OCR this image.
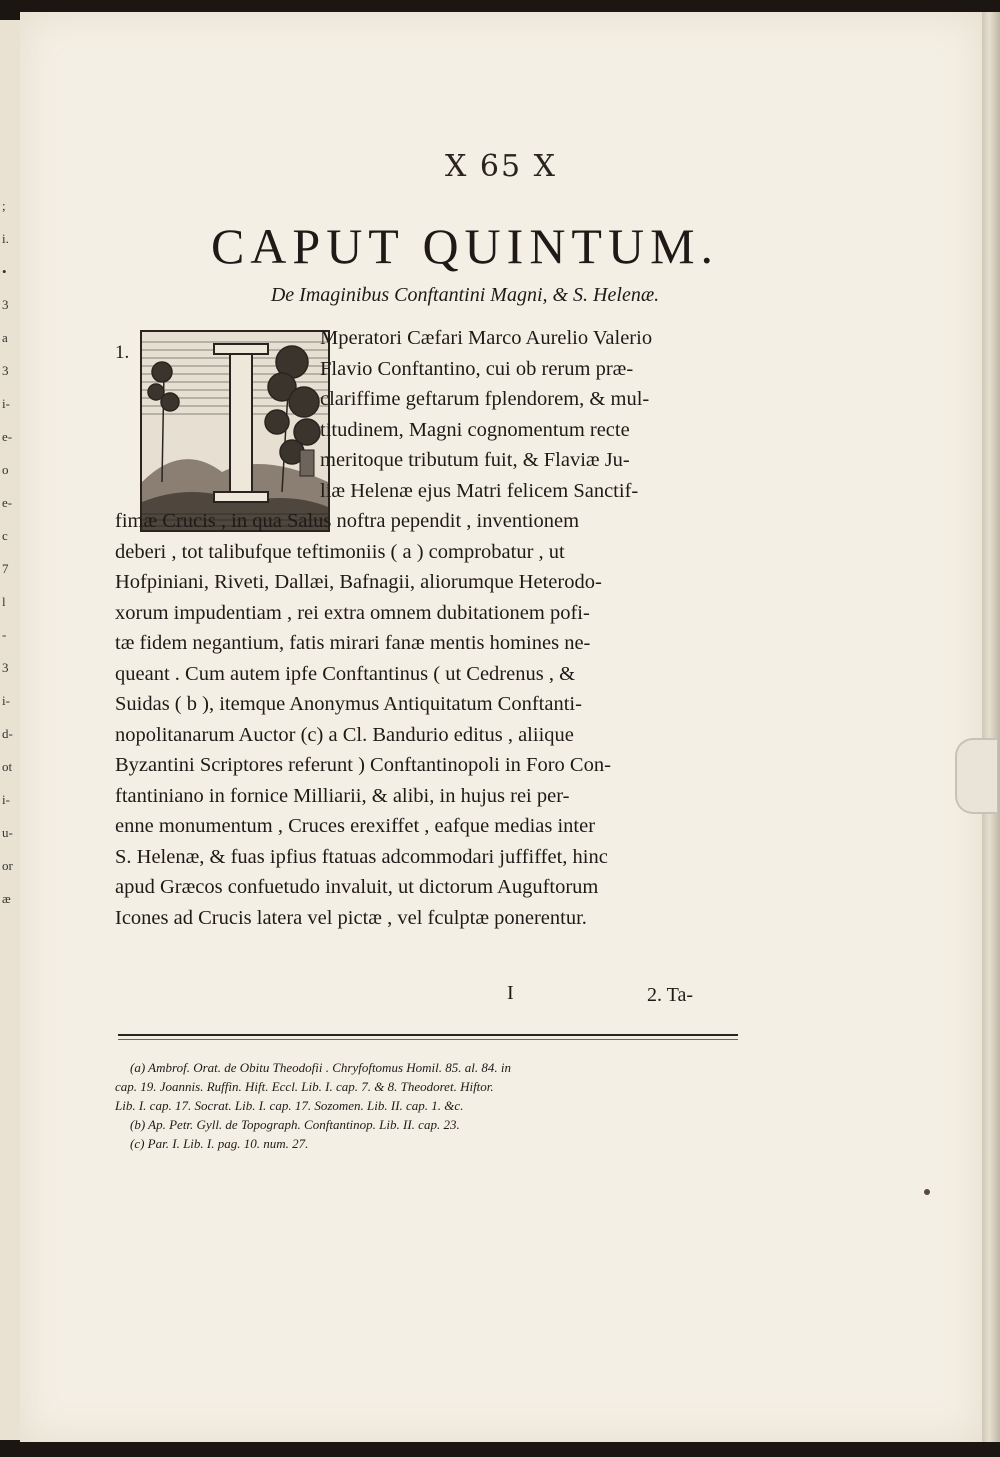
;
i.
•
3
a
3
i-
e-
o
e-
c
7
l
-
3
i-
d-
ot
i-
u-
or
æ
X 65 X
CAPUT QUINTUM.
De Imaginibus Conftantini Magni, & S. Helenæ.
1.
Mperatori Cæfari Marco Aurelio Valerio
Flavio Conftantino, cui ob rerum præ-
clariffime geftarum fplendorem, & mul-
titudinem, Magni cognomentum recte
meritoque tributum fuit, & Flaviæ Ju-
liæ Helenæ ejus Matri felicem Sanctif-
fimæ Crucis , in qua Salus noftra pependit , inventionem
deberi , tot talibufque teftimoniis ( a ) comprobatur , ut
Hofpiniani, Riveti, Dallæi, Bafnagii, aliorumque Heterodo-
xorum impudentiam , rei extra omnem dubitationem pofi-
tæ fidem negantium, fatis mirari fanæ mentis homines ne-
queant . Cum autem ipfe Conftantinus ( ut Cedrenus , &
Suidas ( b ), itemque Anonymus Antiquitatum Conftanti-
nopolitanarum Auctor (c) a Cl. Bandurio editus , aliique
Byzantini Scriptores referunt ) Conftantinopoli in Foro Con-
ftantiniano in fornice Milliarii, & alibi, in hujus rei per-
enne monumentum , Cruces erexiffet , eafque medias inter
S. Helenæ, & fuas ipfius ftatuas adcommodari juffiffet, hinc
apud Græcos confuetudo invaluit, ut dictorum Auguftorum
Icones ad Crucis latera vel pictæ , vel fculptæ ponerentur.
I	2. Ta-
(a) Ambrof. Orat. de Obitu Theodofii . Chryfoftomus Homil. 85. al. 84. in
cap. 19. Joannis. Ruffin. Hift. Eccl. Lib. I. cap. 7. & 8. Theodoret. Hiftor.
Lib. I. cap. 17. Socrat. Lib. I. cap. 17. Sozomen. Lib. II. cap. 1. &c.
(b) Ap. Petr. Gyll. de Topograph. Conftantinop. Lib. II. cap. 23.
(c) Par. I. Lib. I. pag. 10. num. 27.
